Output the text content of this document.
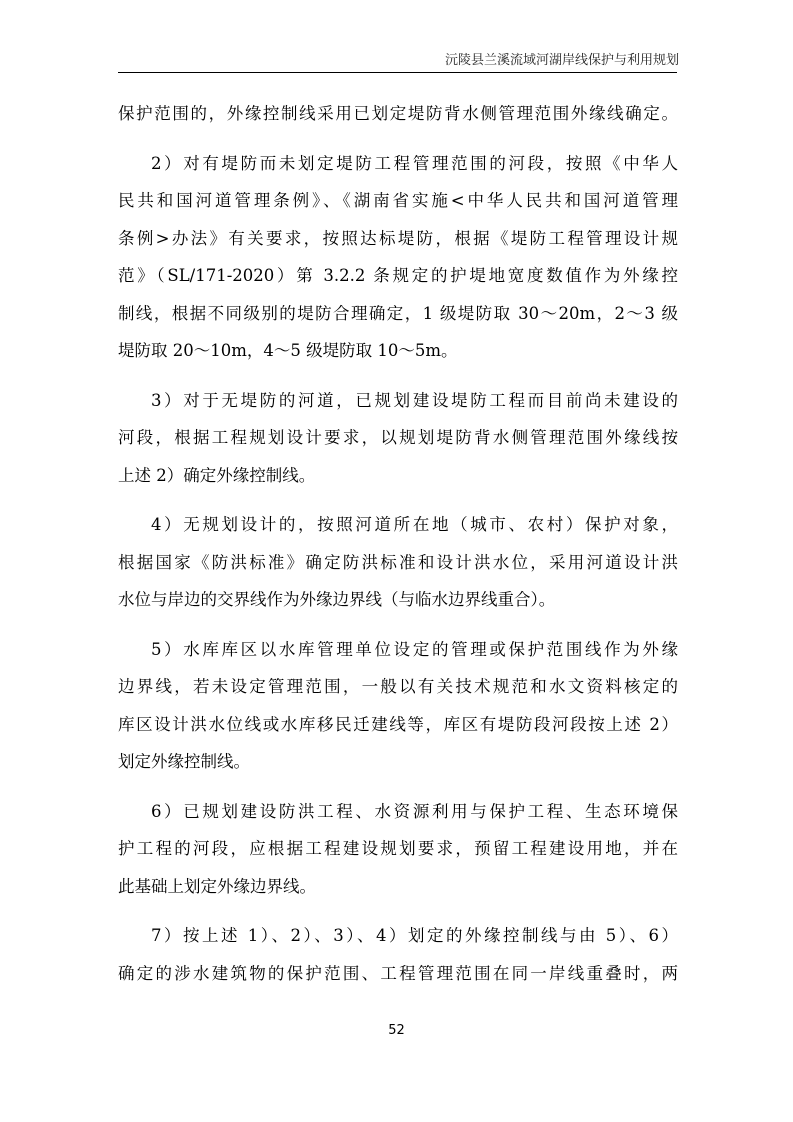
沅陵县兰溪流域河湖岸线保护与利用规划
保护范围的，外缘控制线采用已划定堤防背水侧管理范围外缘线确定。
2）对有堤防而未划定堤防工程管理范围的河段，按照《中华人
民共和国河道管理条例》、《湖南省实施<中华人民共和国河道管理
条例>办法》有关要求，按照达标堤防，根据《堤防工程管理设计规
范》（SL/171-2020）第 3.2.2 条规定的护堤地宽度数值作为外缘控
制线，根据不同级别的堤防合理确定，1 级堤防取 30～20m，2～3 级
堤防取 20～10m，4～5 级堤防取 10～5m。
3）对于无堤防的河道，已规划建设堤防工程而目前尚未建设的
河段，根据工程规划设计要求，以规划堤防背水侧管理范围外缘线按
上述 2）确定外缘控制线。
4）无规划设计的，按照河道所在地（城市、农村）保护对象，
根据国家《防洪标准》确定防洪标准和设计洪水位，采用河道设计洪
水位与岸边的交界线作为外缘边界线（与临水边界线重合）。
5）水库库区以水库管理单位设定的管理或保护范围线作为外缘
边界线，若未设定管理范围，一般以有关技术规范和水文资料核定的
库区设计洪水位线或水库移民迁建线等，库区有堤防段河段按上述 2）
划定外缘控制线。
6）已规划建设防洪工程、水资源利用与保护工程、生态环境保
护工程的河段，应根据工程建设规划要求，预留工程建设用地，并在
此基础上划定外缘边界线。
7）按上述 1）、2）、3）、4）划定的外缘控制线与由 5）、6）
确定的涉水建筑物的保护范围、工程管理范围在同一岸线重叠时，两
52
